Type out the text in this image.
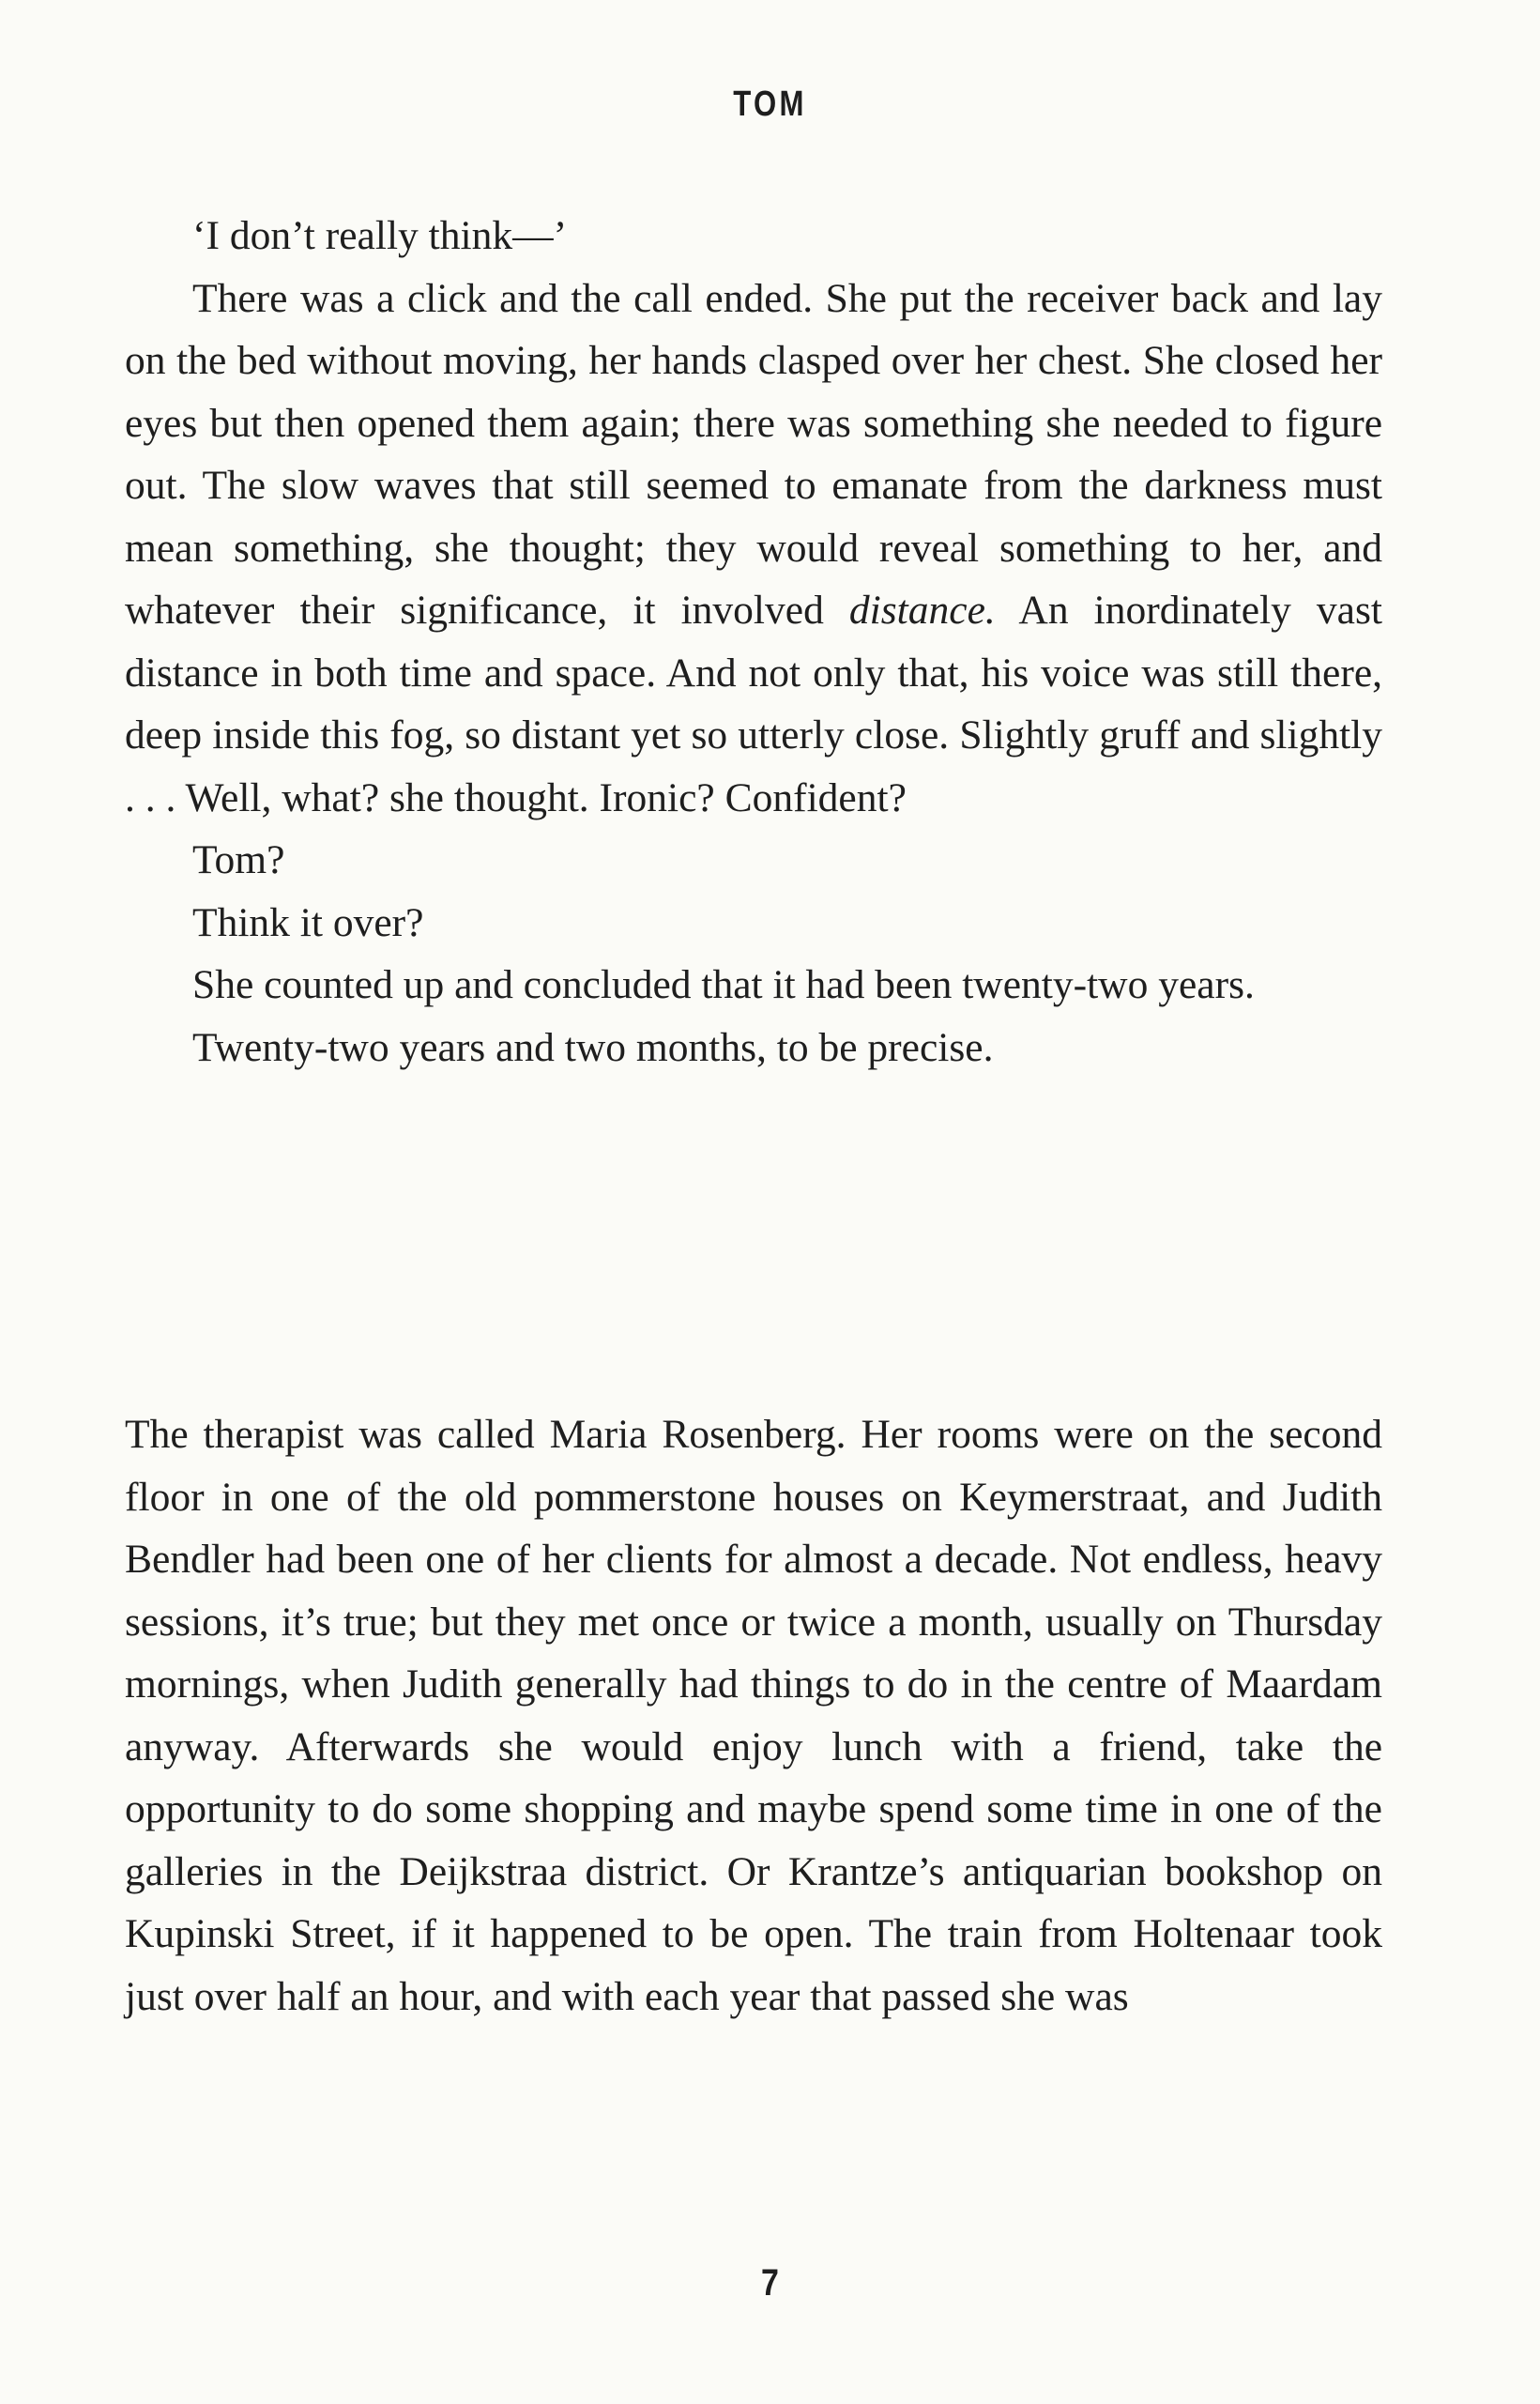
TOM

‘I don’t really think—’

There was a click and the call ended. She put the receiver back and lay on the bed without moving, her hands clasped over her chest. She closed her eyes but then opened them again; there was something she needed to figure out. The slow waves that still seemed to emanate from the darkness must mean something, she thought; they would reveal something to her, and whatever their significance, it involved distance. An inordinately vast distance in both time and space. And not only that, his voice was still there, deep inside this fog, so distant yet so utterly close. Slightly gruff and slightly . . . Well, what? she thought. Ironic? Confident?

Tom?

Think it over?

She counted up and concluded that it had been twenty-two years.

Twenty-two years and two months, to be precise.

The therapist was called Maria Rosenberg. Her rooms were on the second floor in one of the old pommerstone houses on Keymerstraat, and Judith Bendler had been one of her clients for almost a decade. Not endless, heavy sessions, it’s true; but they met once or twice a month, usually on Thursday mornings, when Judith generally had things to do in the centre of Maardam anyway. Afterwards she would enjoy lunch with a friend, take the opportunity to do some shopping and maybe spend some time in one of the galleries in the Deijkstraa district. Or Krantze’s antiquarian bookshop on Kupinski Street, if it happened to be open. The train from Holtenaar took just over half an hour, and with each year that passed she was

7
